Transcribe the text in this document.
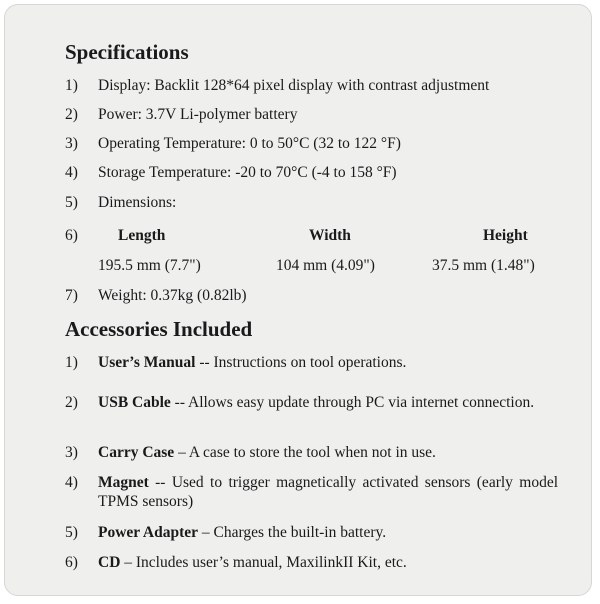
Specifications
1)	Display: Backlit 128*64 pixel display with contrast adjustment
2)	Power: 3.7V Li-polymer battery
3)	Operating Temperature: 0 to 50°C (32 to 122 °F)
4)	Storage Temperature: -20 to 70°C (-4 to 158 °F)
5)	Dimensions:
6)	Length	Width	Height
195.5 mm (7.7")	104 mm (4.09")	37.5 mm (1.48")
7)	Weight: 0.37kg (0.82lb)
Accessories Included
1)	User’s Manual -- Instructions on tool operations.
2)	USB Cable -- Allows easy update through PC via internet connection.
3)	Carry Case – A case to store the tool when not in use.
4)	Magnet -- Used to trigger magnetically activated sensors (early model TPMS sensors)
5)	Power Adapter – Charges the built-in battery.
6)	CD – Includes user’s manual, MaxilinkII Kit, etc.
